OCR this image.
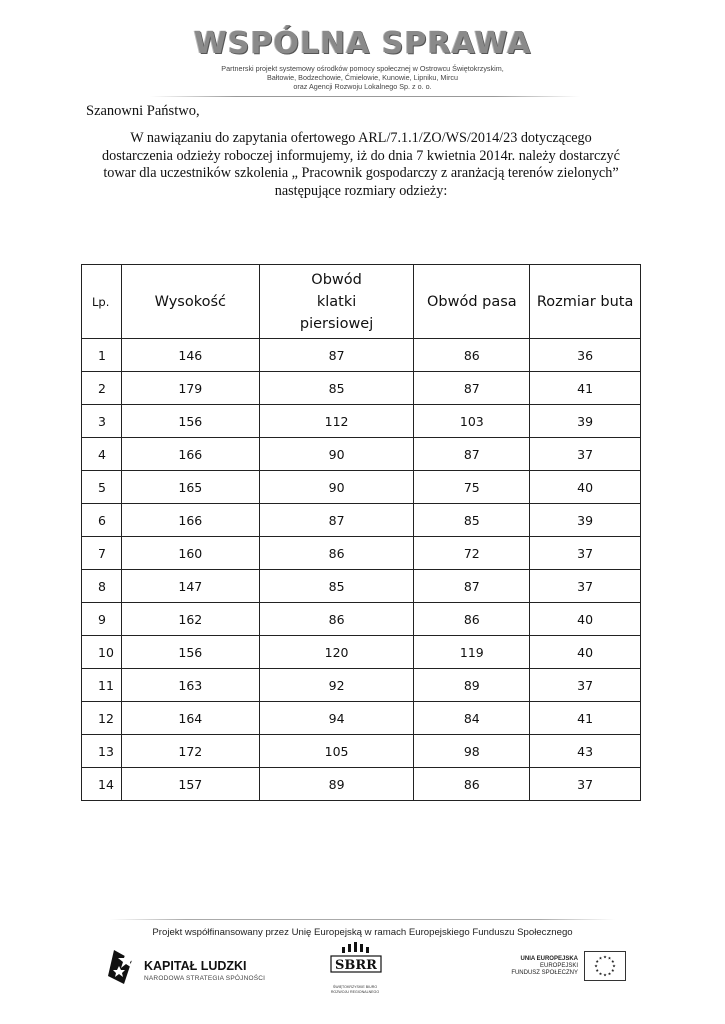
WSPÓLNA SPRAWA
Partnerski projekt systemowy ośrodków pomocy społecznej w Ostrowcu Świętokrzyskim,
Bałtowie, Bodzechowie, Ćmielowie, Kunowie, Lipniku, Mircu
oraz Agencji Rozwoju Lokalnego Sp. z o. o.
Szanowni Państwo,
W nawiązaniu do zapytania ofertowego ARL/7.1.1/ZO/WS/2014/23 dotyczącego
dostarczenia odzieży roboczej informujemy, iż do dnia 7 kwietnia 2014r. należy dostarczyć
towar dla uczestników szkolenia „ Pracownik gospodarczy z aranżacją terenów zielonych”
następujące rozmiary odzieży:
Lp.	Wysokość	Obwód klatki piersiowej	Obwód pasa	Rozmiar buta
1	146	87	86	36
2	179	85	87	41
3	156	112	103	39
4	166	90	87	37
5	165	90	75	40
6	166	87	85	39
7	160	86	72	37
8	147	85	87	37
9	162	86	86	40
10	156	120	119	40
11	163	92	89	37
12	164	94	84	41
13	172	105	98	43
14	157	89	86	37
Projekt współfinansowany przez Unię Europejską w ramach Europejskiego Funduszu Społecznego
KAPITAŁ LUDZKI
NARODOWA STRATEGIA SPÓJNOŚCI
SBRR
ŚWIĘTOKRZYSKIE BIURO
ROZWOJU REGIONALNEGO
UNIA EUROPEJSKA
EUROPEJSKI
FUNDUSZ SPOŁECZNY
